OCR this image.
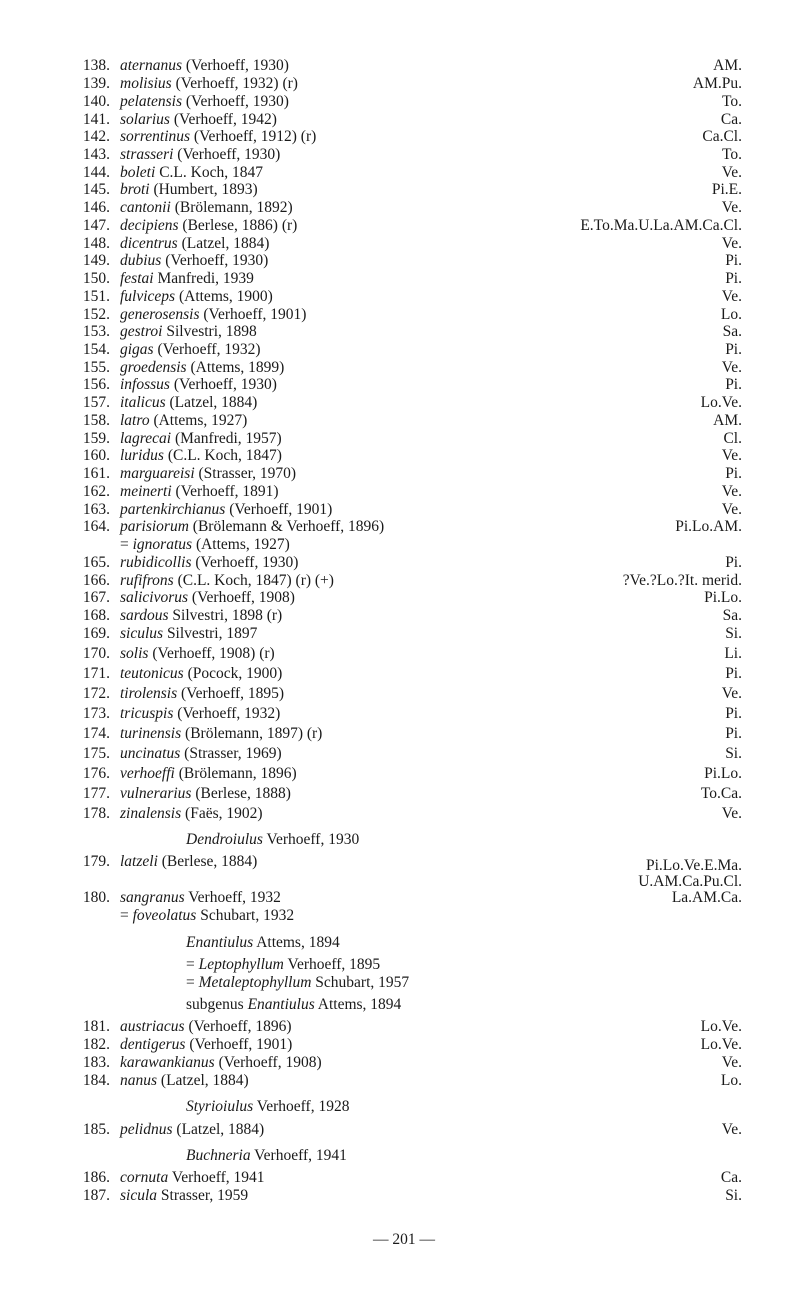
138. aternanus (Verhoeff, 1930)	AM.
139. molisius (Verhoeff, 1932) (r)	AM.Pu.
140. pelatensis (Verhoeff, 1930)	To.
141. solarius (Verhoeff, 1942)	Ca.
142. sorrentinus (Verhoeff, 1912) (r)	Ca.Cl.
143. strasseri (Verhoeff, 1930)	To.
144. boleti C.L. Koch, 1847	Ve.
145. broti (Humbert, 1893)	Pi.E.
146. cantonii (Brölemann, 1892)	Ve.
147. decipiens (Berlese, 1886) (r)	E.To.Ma.U.La.AM.Ca.Cl.
148. dicentrus (Latzel, 1884)	Ve.
149. dubius (Verhoeff, 1930)	Pi.
150. festai Manfredi, 1939	Pi.
151. fulviceps (Attems, 1900)	Ve.
152. generosensis (Verhoeff, 1901)	Lo.
153. gestroi Silvestri, 1898	Sa.
154. gigas (Verhoeff, 1932)	Pi.
155. groedensis (Attems, 1899)	Ve.
156. infossus (Verhoeff, 1930)	Pi.
157. italicus (Latzel, 1884)	Lo.Ve.
158. latro (Attems, 1927)	AM.
159. lagrecai (Manfredi, 1957)	Cl.
160. luridus (C.L. Koch, 1847)	Ve.
161. marguareisi (Strasser, 1970)	Pi.
162. meinerti (Verhoeff, 1891)	Ve.
163. partenkirchianus (Verhoeff, 1901)	Ve.
164. parisiorum (Brölemann & Verhoeff, 1896)	Pi.Lo.AM.
= ignoratus (Attems, 1927)
165. rubidicollis (Verhoeff, 1930)	Pi.
166. rufifrons (C.L. Koch, 1847) (r) (+)	?Ve.?Lo.?It. merid.
167. salicivorus (Verhoeff, 1908)	Pi.Lo.
168. sardous Silvestri, 1898 (r)	Sa.
169. siculus Silvestri, 1897	Si.
170. solis (Verhoeff, 1908) (r)	Li.
171. teutonicus (Pocock, 1900)	Pi.
172. tirolensis (Verhoeff, 1895)	Ve.
173. tricuspis (Verhoeff, 1932)	Pi.
174. turinensis (Brölemann, 1897) (r)	Pi.
175. uncinatus (Strasser, 1969)	Si.
176. verhoeffi (Brölemann, 1896)	Pi.Lo.
177. vulnerarius (Berlese, 1888)	To.Ca.
178. zinalensis (Faës, 1902)	Ve.
Dendroiulus Verhoeff, 1930
179. latzeli (Berlese, 1884)	Pi.Lo.Ve.E.Ma.
U.AM.Ca.Pu.Cl.
180. sangranus Verhoeff, 1932	La.AM.Ca.
= foveolatus Schubart, 1932
Enantiulus Attems, 1894
= Leptophyllum Verhoeff, 1895
= Metaleptophyllum Schubart, 1957
subgenus Enantiulus Attems, 1894
181. austriacus (Verhoeff, 1896)	Lo.Ve.
182. dentigerus (Verhoeff, 1901)	Lo.Ve.
183. karawankianus (Verhoeff, 1908)	Ve.
184. nanus (Latzel, 1884)	Lo.
Styrioiulus Verhoeff, 1928
185. pelidnus (Latzel, 1884)	Ve.
Buchneria Verhoeff, 1941
186. cornuta Verhoeff, 1941	Ca.
187. sicula Strasser, 1959	Si.
— 201 —
